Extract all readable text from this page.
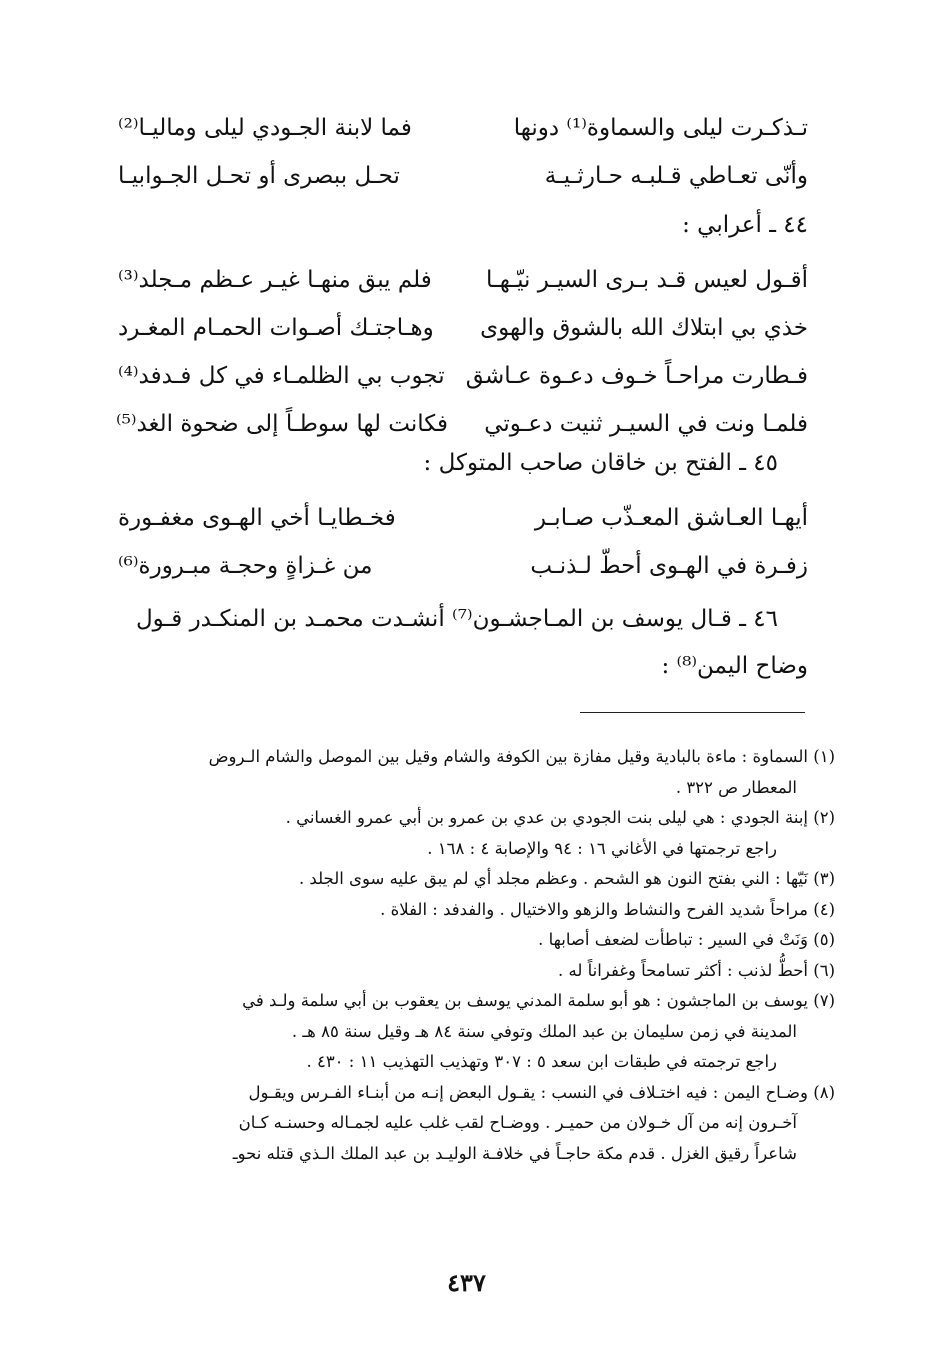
تـذكـرت ليلى والسماوة⁽¹⁾ دونها
فما لابنة الجـودي ليلى وماليـا⁽²⁾
وأنّى تعـاطي قـلبـه حـارثـيـة
تحـل ببصرى أو تحـل الجـوابيـا
٤٤ ـ أعرابي :
أقـول لعيس قـد بـرى السيـر نيّـهـا
فلم يبق منهـا غيـر عـظم مـجلد⁽³⁾
خذي بي ابتلاك الله بالشوق والهوى
وهـاجتـك أصـوات الحمـام المغـرد
فـطارت مراحـاً خـوف دعـوة عـاشق
تجوب بي الظلمـاء في كل فـدفد⁽⁴⁾
فلمـا ونت في السيـر ثنيت دعـوتي
فكانت لها سوطـاً إلى ضحوة الغد⁽⁵⁾
٤٥ ـ الفتح بن خاقان صاحب المتوكل :
أيهـا العـاشق المعـذّب صـابـر
فخـطايـا أخي الهـوى مغفـورة
زفـرة في الهـوى أحطّ لـذنـب
من غـزاةٍ وحجـة مبـرورة⁽⁶⁾
٤٦ ـ قـال يوسف بن المـاجشـون⁽⁷⁾ أنشـدت محمـد بن المنكـدر قـول
وضاح اليمن⁽⁸⁾ :

(١) السماوة : ماءة بالبادية وقيل مفازة بين الكوفة والشام وقيل بين الموصل والشام الـروض

المعطار ص ٣٢٢ .

(٢) إبنة الجودي : هي ليلى بنت الجودي بن عدي بن عمرو بن أبي عمرو الغساني .

راجع ترجمتها في الأغاني ١٦ : ٩٤ والإصابة ٤ : ١٦٨ .

(٣) نَيّها : الني بفتح النون هو الشحم . وعظم مجلد أي لم يبق عليه سوى الجلد .

(٤) مراحاً شديد الفرح والنشاط والزهو والاختيال . والفدفد : الفلاة .

(٥) وَنَتْ في السير : تباطأت لضعف أصابها .

(٦) أحطُّ لذنب : أكثر تسامحاً وغفراناً له .

(٧) يوسف بن الماجشون : هو أبو سلمة المدني يوسف بن يعقوب بن أبي سلمة ولـد في

المدينة في زمن سليمان بن عبد الملك وتوفي سنة ٨٤ هـ وقيل سنة ٨٥ هـ .

راجع ترجمته في طبقات ابن سعد ٥ : ٣٠٧ وتهذيب التهذيب ١١ : ٤٣٠ .

(٨) وضـاح اليمن : فيه اختـلاف في النسب : يقـول البعض إنـه من أبنـاء الفـرس ويقـول

آخـرون إنه من آل خـولان من حميـر . ووضـاح لقب غلب عليه لجمـاله وحسنـه كـان

شاعراً رقيق الغزل . قدم مكة حاجـاً في خلافـة الوليـد بن عبد الملك الـذي قتله نحوـ

٤٣٧
